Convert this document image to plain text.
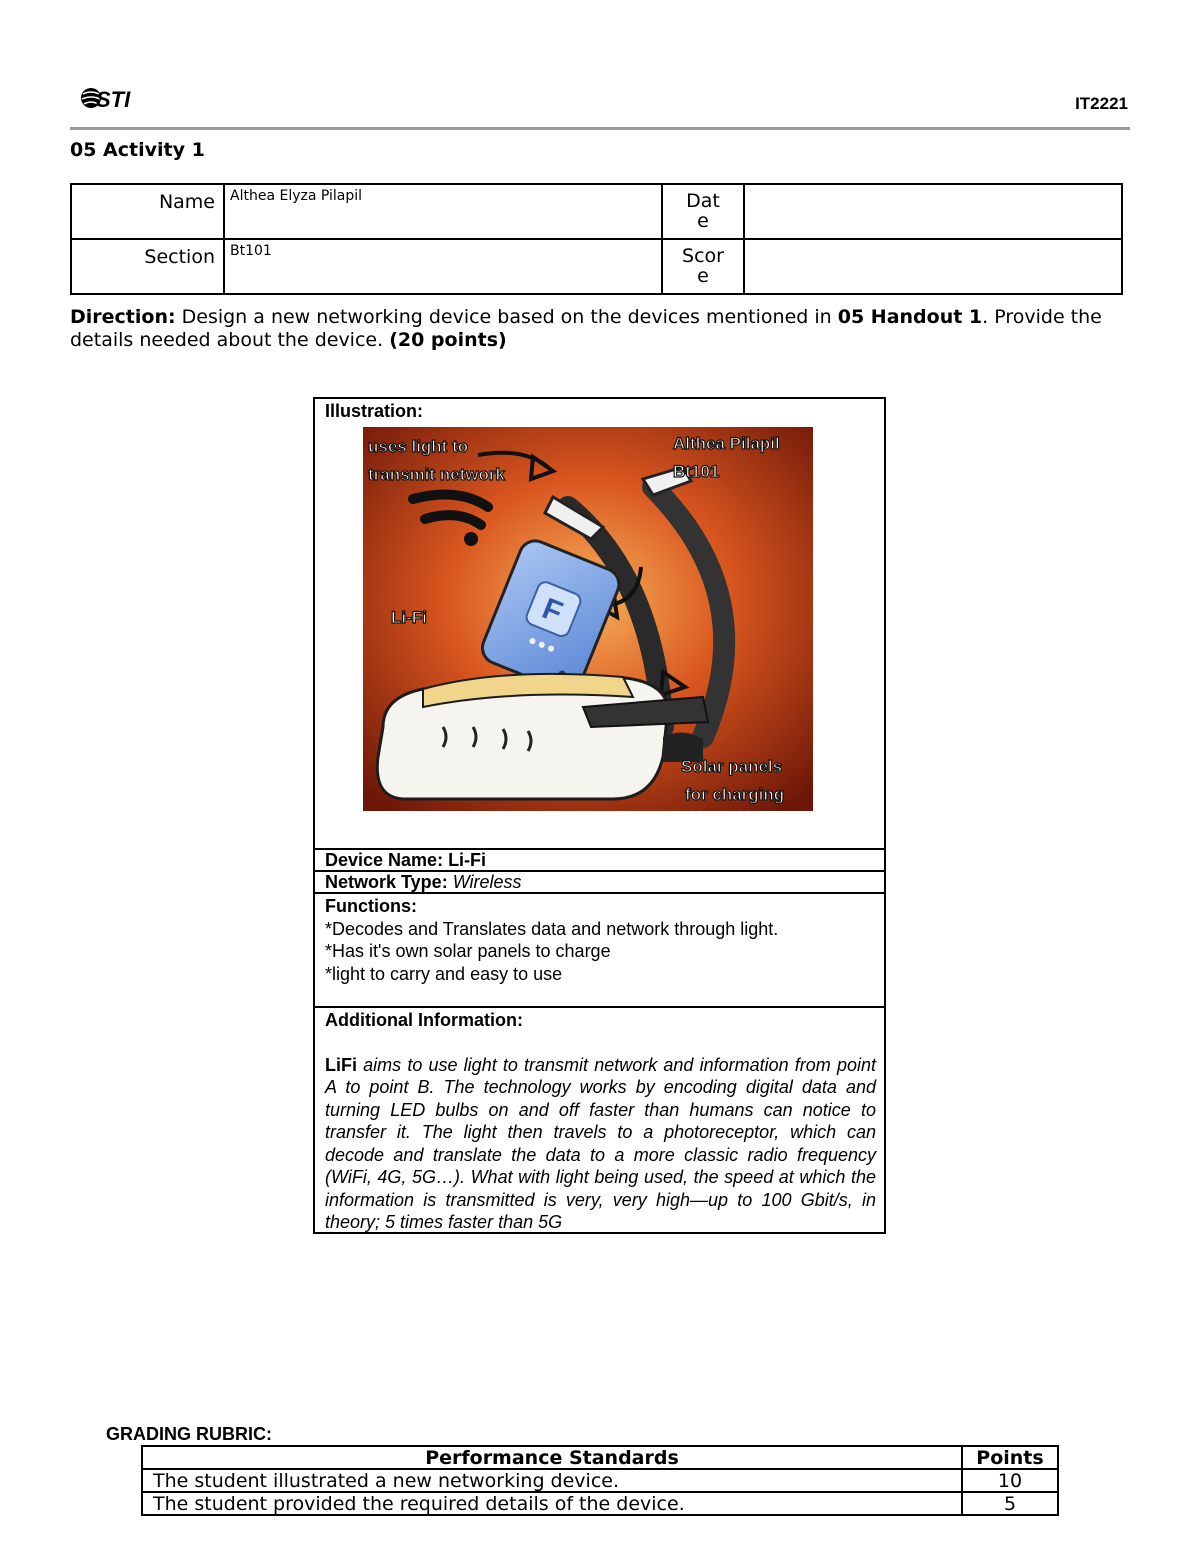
STI	IT2221
05 Activity 1
Name	Althea Elyza Pilapil	Dat
e	
Section	Bt101	Scor
e	
Direction: Design a new networking device based on the devices mentioned in 05 Handout 1. Provide the details needed about the device. (20 points)
Illustration:
F
uses light to
transmit network
Althea Pilapil
Bt101
Li-Fi
Solar panels
for charging
Device Name: Li-Fi
Network Type: Wireless
Functions:
*Decodes and Translates data and network through light.
*Has it's own solar panels to charge
*light to carry and easy to use
Additional Information:
LiFi aims to use light to transmit network and information from point A to point B. The technology works by encoding digital data and turning LED bulbs on and off faster than humans can notice to transfer it. The light then travels to a photoreceptor, which can decode and translate the data to a more classic radio frequency (WiFi, 4G, 5G…). What with light being used, the speed at which the information is transmitted is very, very high—up to 100 Gbit/s, in theory; 5 times faster than 5G
GRADING RUBRIC:
Performance Standards	Points
The student illustrated a new networking device.	10
The student provided the required details of the device.	5
